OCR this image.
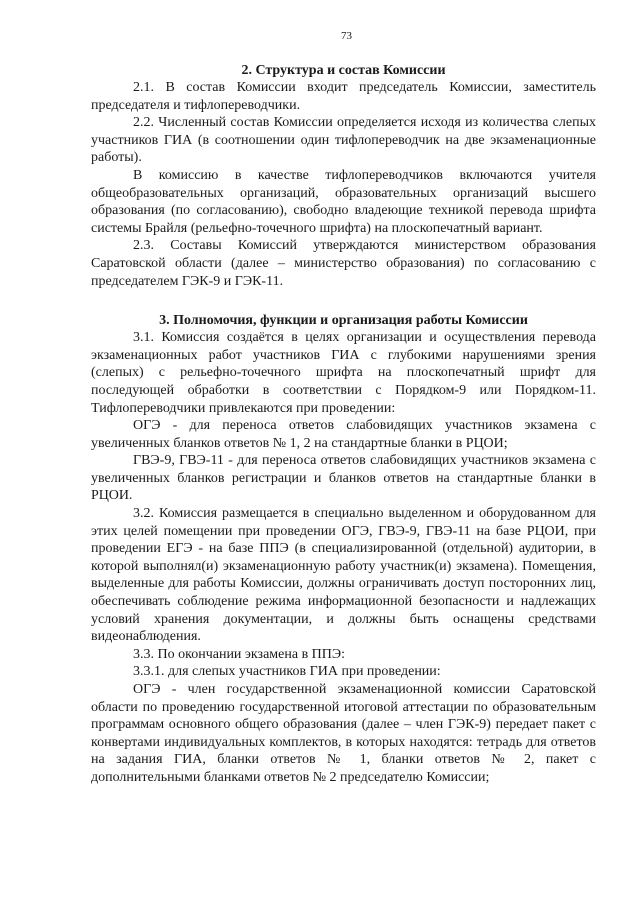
73
2. Структура и состав Комиссии

2.1. В состав Комиссии входит председатель Комиссии, заместитель председателя и тифлопереводчики.

2.2. Численный состав Комиссии определяется исходя из количества слепых участников ГИА (в соотношении один тифлопереводчик на две экзаменационные работы).

В комиссию в качестве тифлопереводчиков включаются учителя общеобразовательных организаций, образовательных организаций высшего образования (по согласованию), свободно владеющие техникой перевода шрифта системы Брайля (рельефно-точечного шрифта) на плоскопечатный вариант.

2.3. Составы Комиссий утверждаются министерством образования Саратовской области (далее – министерство образования) по согласованию с председателем ГЭК-9 и ГЭК-11.

3. Полномочия, функции и организация работы Комиссии

3.1. Комиссия создаётся в целях организации и осуществления перевода экзаменационных работ участников ГИА с глубокими нарушениями зрения (слепых) с рельефно-точечного шрифта на плоскопечатный шрифт для последующей обработки в соответствии с Порядком-9 или Порядком-11. Тифлопереводчики привлекаются при проведении:

ОГЭ - для переноса ответов слабовидящих участников экзамена с увеличенных бланков ответов № 1, 2 на стандартные бланки в РЦОИ;

ГВЭ-9, ГВЭ-11 - для переноса ответов слабовидящих участников экзамена с увеличенных бланков регистрации и бланков ответов на стандартные бланки в РЦОИ.

3.2. Комиссия размещается в специально выделенном и оборудованном для этих целей помещении при проведении ОГЭ, ГВЭ-9, ГВЭ-11 на базе РЦОИ, при проведении ЕГЭ - на базе ППЭ (в специализированной (отдельной) аудитории, в которой выполнял(и) экзаменационную работу участник(и) экзамена). Помещения, выделенные для работы Комиссии, должны ограничивать доступ посторонних лиц, обеспечивать соблюдение режима информационной безопасности и надлежащих условий хранения документации, и должны быть оснащены средствами видеонаблюдения.

3.3. По окончании экзамена в ППЭ:

3.3.1. для слепых участников ГИА при проведении:

ОГЭ - член государственной экзаменационной комиссии Саратовской области по проведению государственной итоговой аттестации по образовательным программам основного общего образования (далее – член ГЭК-9) передает пакет с конвертами индивидуальных комплектов, в которых находятся: тетрадь для ответов на задания ГИА, бланки ответов № 1, бланки ответов № 2, пакет с дополнительными бланками ответов № 2 председателю Комиссии;
